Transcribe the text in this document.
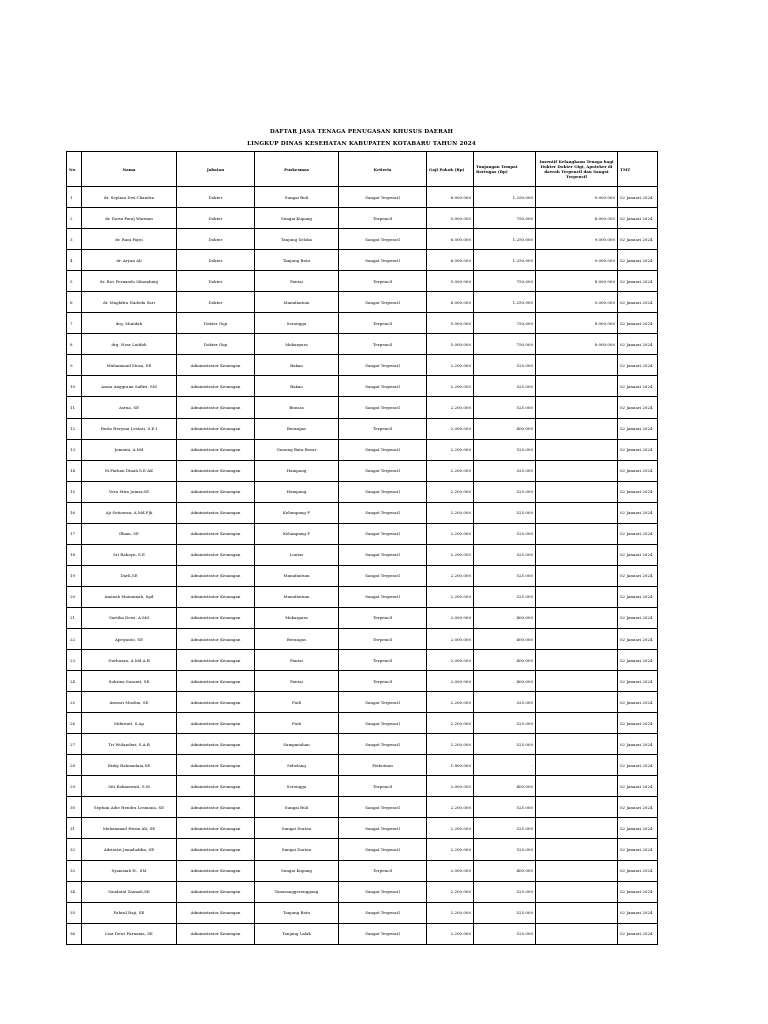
DAFTAR JASA TENAGA PENUGASAN KHUSUS DAERAH
LINGKUP DINAS KESEHATAN KABUPATEN KOTABARU TAHUN 2024
No	Nama	Jabatan	Puskesmas	Kriteria	Gaji Pokok (Rp)	Tunjangan Tempat Bertugas (Rp)	Insentif Kelangkaan Tenaga bagi Dokter Dokter Gigi, Apoteker di daerah Terpencil dan Sangat Terpencil	TMT
1	dr. Septian Dwi Chandra	Dokter	Sungai Buli	Sangat Terpencil	6.000.000	1.250.000	9.000.000	02 Januari 2024
2	dr. Dorin Paraj Warman	Dokter	Sungai Kupang	Terpencil	5.000.000	750.000	8.000.000	02 Januari 2024
3	dr. Rani Pajro	Dokter	Tanjung Seloka	Sangat Terpencil	6.000.000	1.250.000	9.000.000	02 Januari 2024
4	dr. Aryan Ali	Dokter	Tanjung Batu	Sangat Terpencil	6.000.000	1.250.000	9.000.000	02 Januari 2024
5	dr. Rici Fernando Sihombing	Dokter	Pantai	Terpencil	5.000.000	750.000	8.000.000	02 Januari 2024
6	dr. Maghfira Nadeda Sari	Dokter	Manufantum	Sangat Terpencil	6.000.000	1.250.000	9.000.000	02 Januari 2024
7	drg. Munifah	Dokter Gigi	Serongga	Terpencil	5.000.000	750.000	8.000.000	02 Januari 2024
8	drg. Nasr Latifah	Dokter Gigi	Mekarpura	Terpencil	5.000.000	750.000	8.000.000	02 Januari 2024
9	Muhammad Musa, SE	Administrator Keuangan	Bakau	Sangat Terpencil	2.200.000	525.000		02 Januari 2024
10	Asma Anggraini Safitri, SM	Administrator Keuangan	Bakau	Sangat Terpencil	2.200.000	525.000		02 Januari 2024
11	Asrua, SE	Administrator Keuangan	Bunsas	Sangat Terpencil	2.200.000	525.000		02 Januari 2024
12	Resla Heryani Lestari, S.E.I	Administrator Keuangan	Berangas	Terpencil	2.000.000	400.000		02 Januari 2024
13	Jumaini, A.Md	Administrator Keuangan	Gunung Batu Besar	Sangat Terpencil	2.200.000	525.000		02 Januari 2024
14	M.Farhan Dinah,S.E.AK	Administrator Keuangan	Hampang	Sangat Terpencil	2.200.000	525.000		02 Januari 2024
15	Vera Mira Jumar,SE	Administrator Keuangan	Hampang	Sangat Terpencil	2.200.000	525.000		02 Januari 2024
16	Aji Setiawan, A.Md.Fjk	Administrator Keuangan	Kelumpang P	Sangat Terpencil	2.200.000	525.000		02 Januari 2024
17	Ilham, SE	Administrator Keuangan	Kelumpang P	Sangat Terpencil	2.200.000	525.000		02 Januari 2024
18	Sri Rahayu, S.E	Administrator Keuangan	Lontar	Sangat Terpencil	2.200.000	525.000		02 Januari 2024
19	Darli,SE	Administrator Keuangan	Manufantum	Sangat Terpencil	2.200.000	525.000		02 Januari 2024
20	Aminah Muinainah, Spd	Administrator Keuangan	Manufantum	Sangat Terpencil	2.200.000	525.000		02 Januari 2024
21	Sartika Dewi, A.Md	Administrator Keuangan	Mekarpura	Terpencil	2.000.000	400.000		02 Januari 2024
22	Apriyanto, SE	Administrator Keuangan	Berangas	Terpencil	2.000.000	400.000		02 Januari 2024
23	Norhasan, A.Md.A.B	Administrator Keuangan	Pantai	Terpencil	2.000.000	400.000		02 Januari 2024
24	Suhrina Susanti, SE	Administrator Keuangan	Pantai	Terpencil	2.000.000	400.000		02 Januari 2024
25	Anwari Muslim, SE	Administrator Keuangan	Pudi	Sangat Terpencil	2.200.000	525.000		02 Januari 2024
26	Mifawati, S.Ap	Administrator Keuangan	Pudi	Sangat Terpencil	2.200.000	525.000		02 Januari 2024
27	Tri Wulandari, S.A.B	Administrator Keuangan	Sampanahan	Sangat Terpencil	2.200.000	525.000		02 Januari 2024
28	Rizky Rahmadani,SE	Administrator Keuangan	Sebelang	Perkotaan	1.800.000	-		02 Januari 2024
29	Siti Rahmawati, S.M	Administrator Keuangan	Serongga	Terpencil	2.000.000	400.000		02 Januari 2024
30	Septian Adie Hendra Lesmana, SE	Administrator Keuangan	Sungai Buli	Sangat Terpencil	2.200.000	525.000		02 Januari 2024
31	Muhammad Husin Ali, SE	Administrator Keuangan	Sungai Durian	Sangat Terpencil	2.200.000	525.000		02 Januari 2024
32	Adriastri Jamaluddin, SE	Administrator Keuangan	Sungai Durian	Sangat Terpencil	2.200.000	525.000		02 Januari 2024
33	Syamsiah H., SM	Administrator Keuangan	Sungai Kupang	Terpencil	2.000.000	400.000		02 Januari 2024
34	Saudatul Zannah,SE	Administrator Keuangan	Tanasanggerenggang	Sangat Terpencil	2.200.000	525.000		02 Januari 2024
35	Fahrul Raji, SE	Administrator Keuangan	Tanjung Batu	Sangat Terpencil	2.200.000	525.000		02 Januari 2024
36	Lisa Dewi Purnama, SE	Administrator Keuangan	Tanjung Lalak	Sangat Terpencil	2.200.000	525.000		02 Januari 2024
